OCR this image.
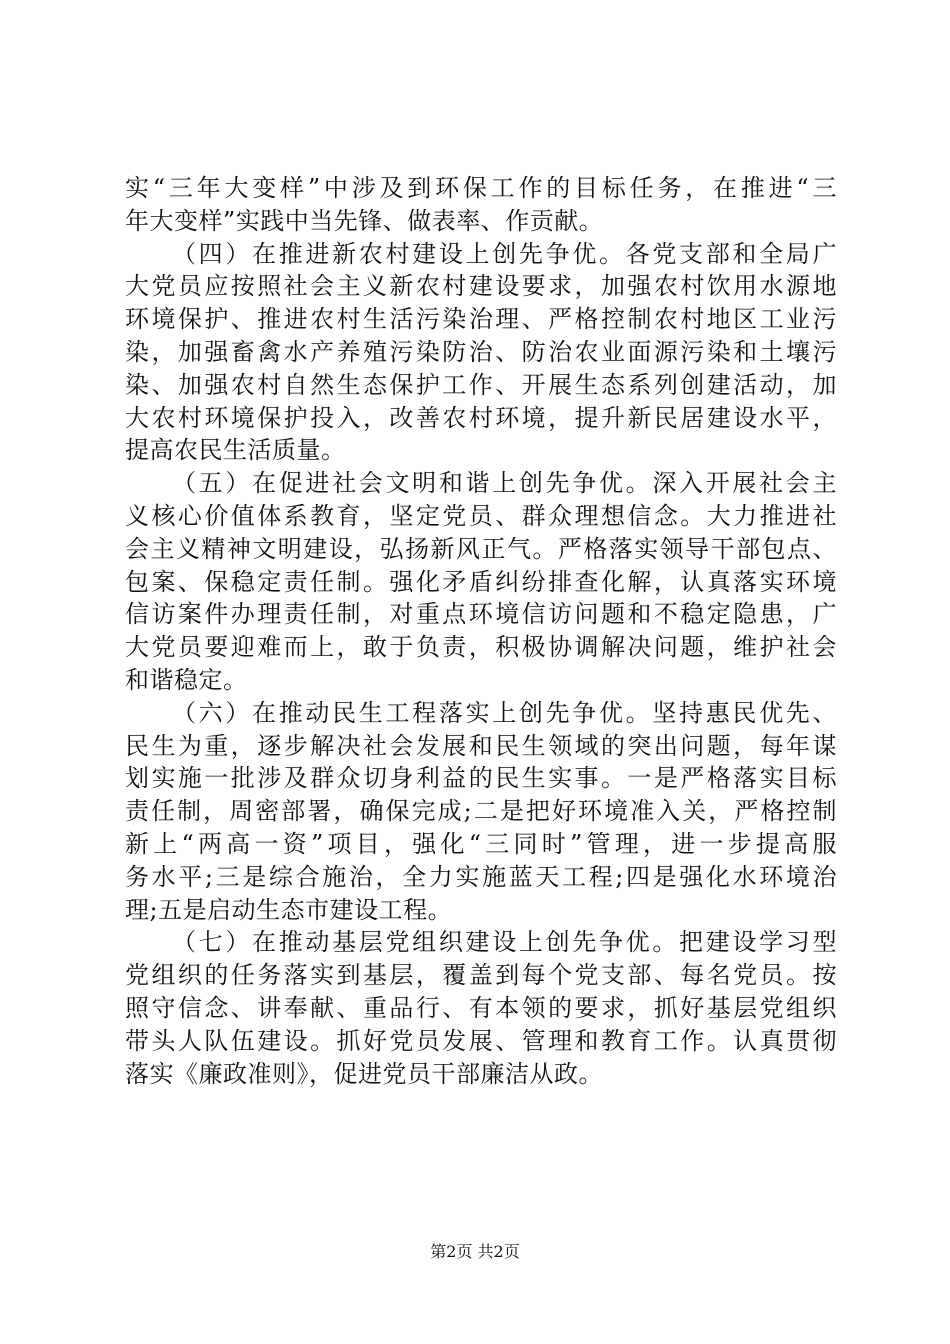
实“三年大变样”中涉及到环保工作的目标任务，在推进“三
年大变样”实践中当先锋、做表率、作贡献。
（四）在推进新农村建设上创先争优。各党支部和全局广
大党员应按照社会主义新农村建设要求，加强农村饮用水源地
环境保护、推进农村生活污染治理、严格控制农村地区工业污
染，加强畜禽水产养殖污染防治、防治农业面源污染和土壤污
染、加强农村自然生态保护工作、开展生态系列创建活动，加
大农村环境保护投入，改善农村环境，提升新民居建设水平，
提高农民生活质量。
（五）在促进社会文明和谐上创先争优。深入开展社会主
义核心价值体系教育，坚定党员、群众理想信念。大力推进社
会主义精神文明建设，弘扬新风正气。严格落实领导干部包点、
包案、保稳定责任制。强化矛盾纠纷排查化解，认真落实环境
信访案件办理责任制，对重点环境信访问题和不稳定隐患，广
大党员要迎难而上，敢于负责，积极协调解决问题，维护社会
和谐稳定。
（六）在推动民生工程落实上创先争优。坚持惠民优先、
民生为重，逐步解决社会发展和民生领域的突出问题，每年谋
划实施一批涉及群众切身利益的民生实事。一是严格落实目标
责任制，周密部署，确保完成;二是把好环境准入关，严格控制
新上“两高一资”项目，强化“三同时”管理，进一步提高服
务水平;三是综合施治，全力实施蓝天工程;四是强化水环境治
理;五是启动生态市建设工程。
（七）在推动基层党组织建设上创先争优。把建设学习型
党组织的任务落实到基层，覆盖到每个党支部、每名党员。按
照守信念、讲奉献、重品行、有本领的要求，抓好基层党组织
带头人队伍建设。抓好党员发展、管理和教育工作。认真贯彻
落实《廉政准则》，促进党员干部廉洁从政。
第2页 共2页
